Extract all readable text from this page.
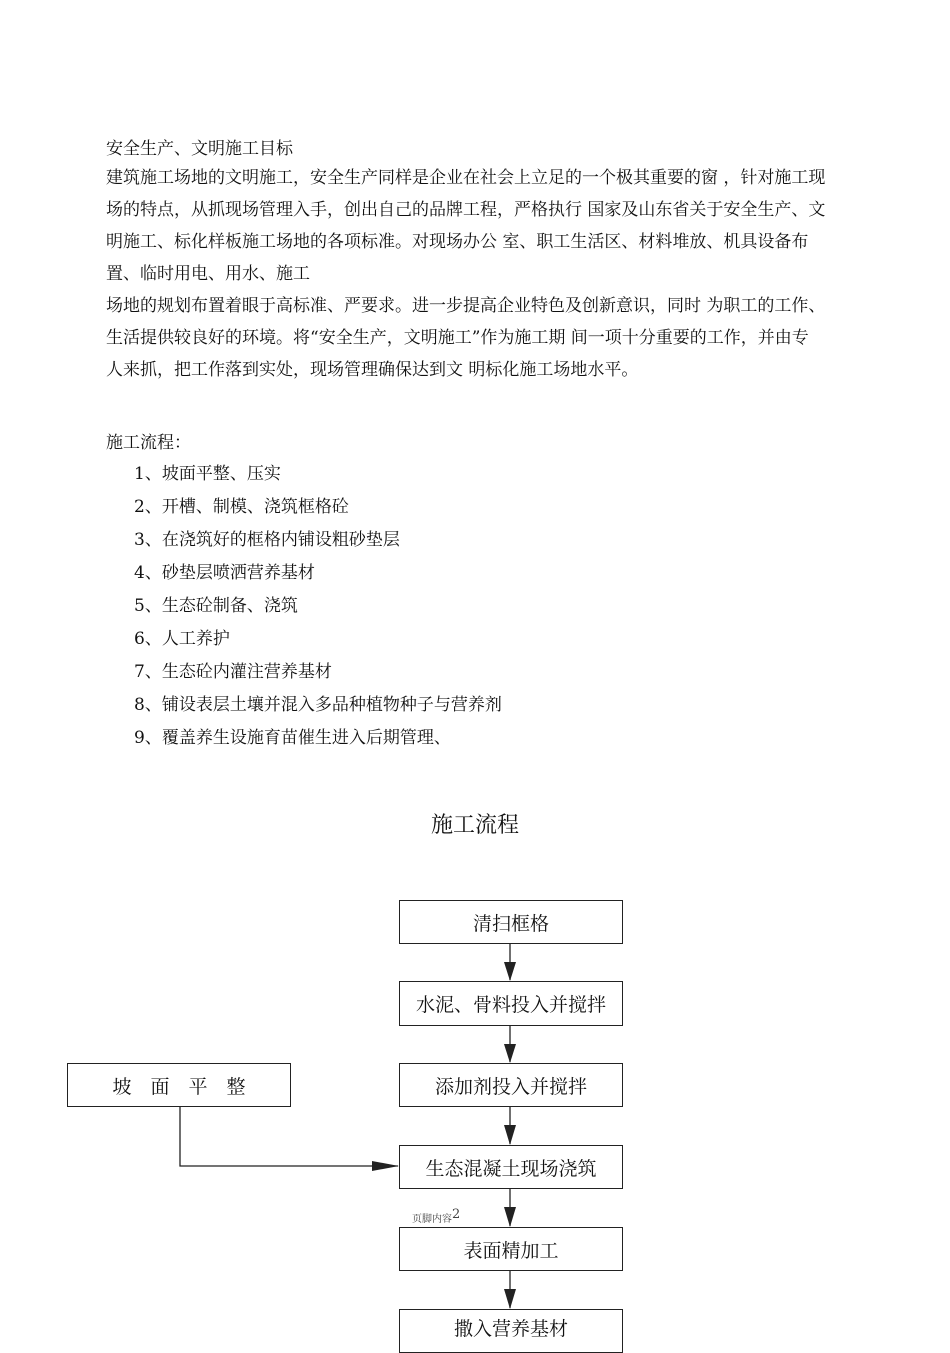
安全生产、文明施工目标
建筑施工场地的文明施工，安全生产同样是企业在社会上立足的一个极其重要的窗 ，针对施工现
场的特点，从抓现场管理入手，创出自己的品牌工程，严格执行 国家及山东省关于安全生产、文
明施工、标化样板施工场地的各项标准。对现场办公 室、职工生活区、材料堆放、机具设备布
置、临时用电、用水、施工
场地的规划布置着眼于高标准、严要求。进一步提高企业特色及创新意识，同时 为职工的工作、
生活提供较良好的环境。将“安全生产，文明施工”作为施工期 间一项十分重要的工作，并由专
人来抓，把工作落到实处，现场管理确保达到文 明标化施工场地水平。
施工流程：
1、坡面平整、压实
2、开槽、制模、浇筑框格砼
3、在浇筑好的框格内铺设粗砂垫层
4、砂垫层喷洒营养基材
5、生态砼制备、浇筑
6、人工养护
7、生态砼内灌注营养基材
8、铺设表层土壤并混入多品种植物种子与营养剂
9、覆盖养生设施育苗催生进入后期管理、
施工流程
清扫框格
水泥、骨料投入并搅拌
添加剂投入并搅拌
生态混凝土现场浇筑
表面精加工
撒入营养基材
坡　面　平　整
页脚内容2
